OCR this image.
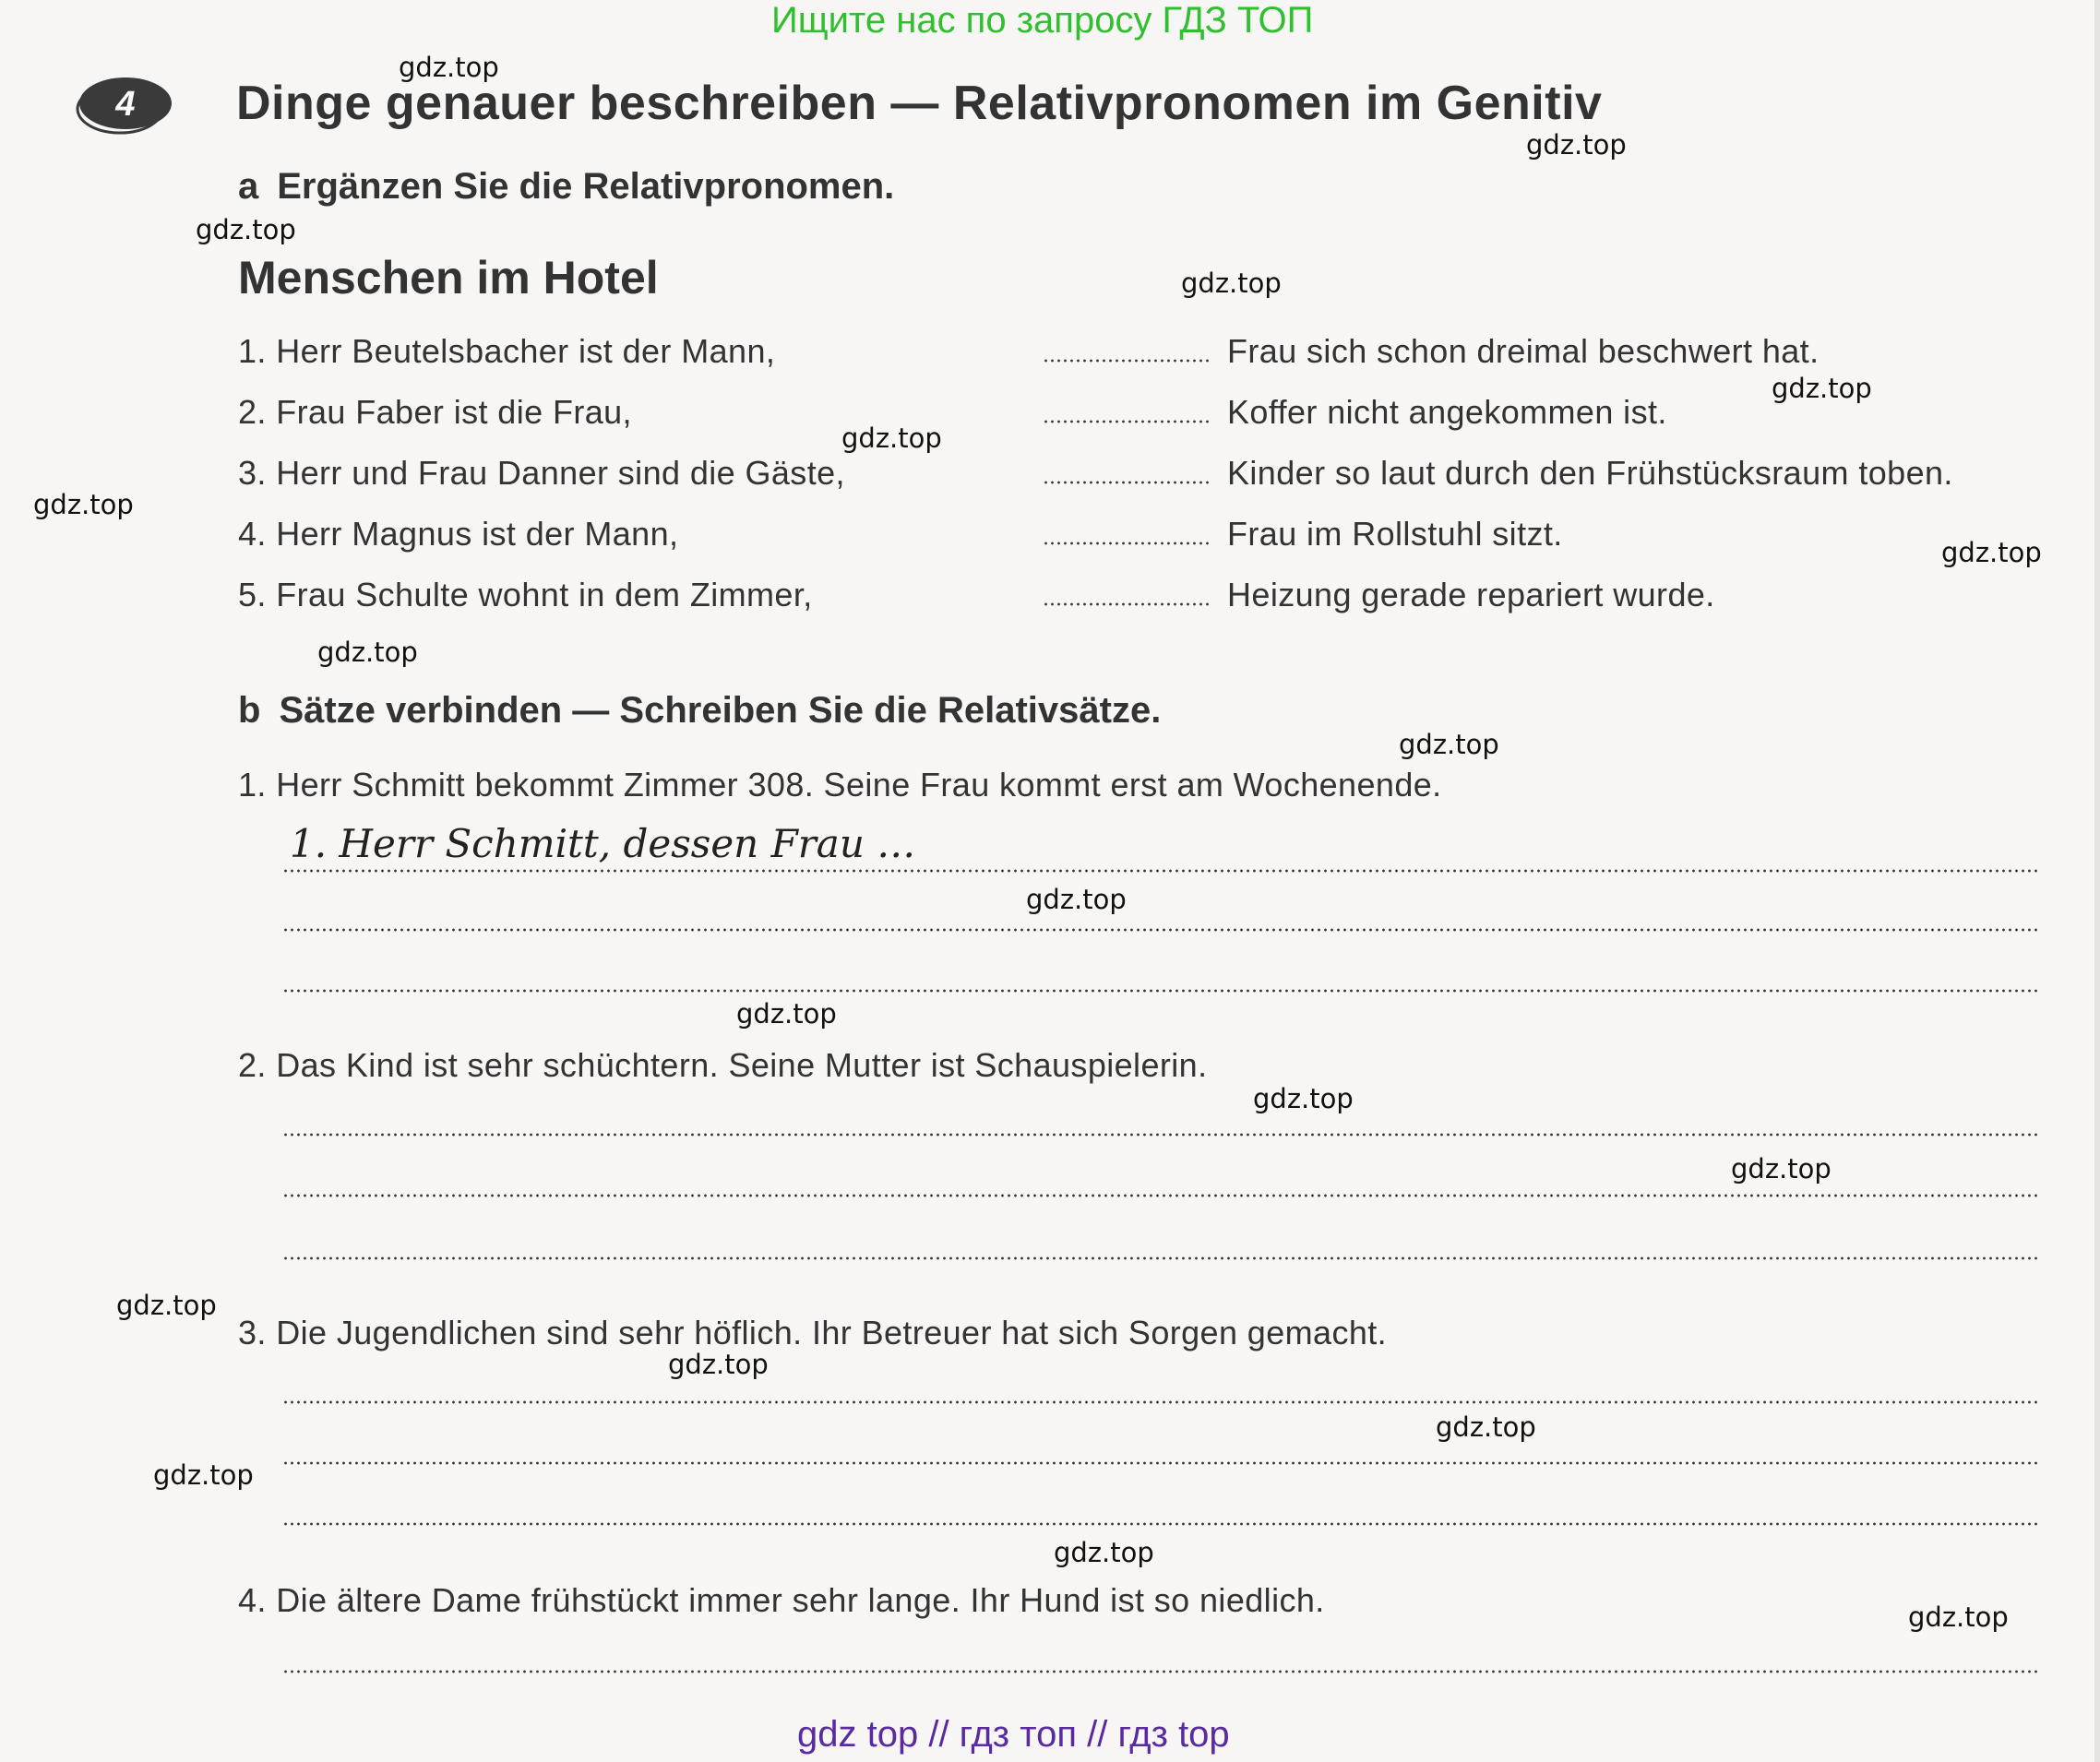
Ищите нас по запросу ГДЗ ТОП
4 Dinge genauer beschreiben — Relativpronomen im Genitiv
a Ergänzen Sie die Relativpronomen.
Menschen im Hotel
1. Herr Beutelsbacher ist der Mann,	Frau sich schon dreimal beschwert hat.
2. Frau Faber ist die Frau,	Koffer nicht angekommen ist.
3. Herr und Frau Danner sind die Gäste,	Kinder so laut durch den Frühstücksraum toben.
4. Herr Magnus ist der Mann,	Frau im Rollstuhl sitzt.
5. Frau Schulte wohnt in dem Zimmer,	Heizung gerade repariert wurde.
b Sätze verbinden — Schreiben Sie die Relativsätze.
1. Herr Schmitt bekommt Zimmer 308. Seine Frau kommt erst am Wochenende.
1. Herr Schmitt, dessen Frau …
2. Das Kind ist sehr schüchtern. Seine Mutter ist Schauspielerin.
3. Die Jugendlichen sind sehr höflich. Ihr Betreuer hat sich Sorgen gemacht.
4. Die ältere Dame frühstückt immer sehr lange. Ihr Hund ist so niedlich.
gdz.top
gdz.top
gdz.top
gdz.top
gdz.top
gdz.top
gdz.top
gdz.top
gdz.top
gdz.top
gdz.top
gdz.top
gdz.top
gdz.top
gdz.top
gdz.top
gdz.top
gdz.top
gdz.top
gdz.top
gdz top // гдз топ // гдз top
